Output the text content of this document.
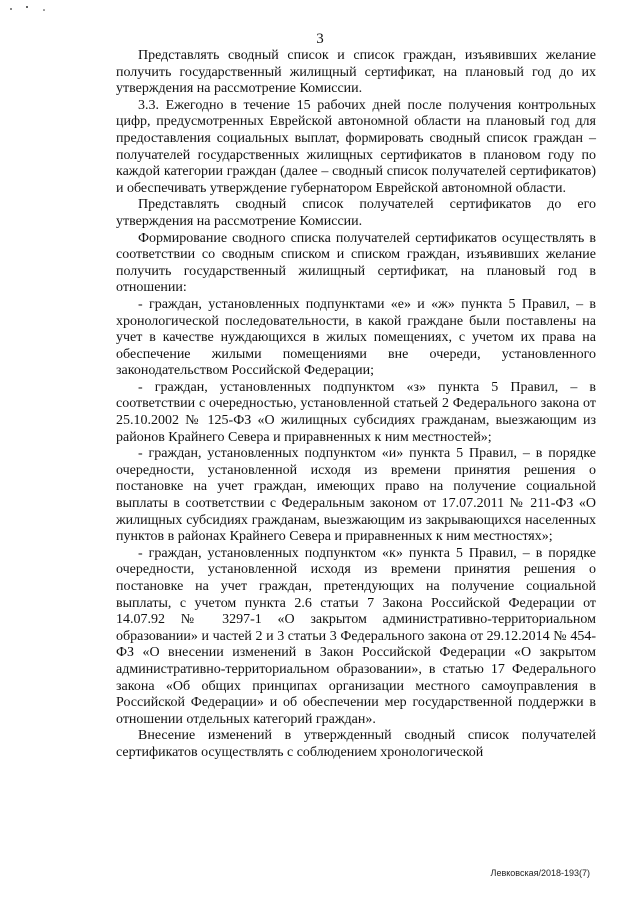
3

Представлять сводный список и список граждан, изъявивших желание получить государственный жилищный сертификат, на плановый год до их утверждения на рассмотрение Комиссии.

3.3. Ежегодно в течение 15 рабочих дней после получения контрольных цифр, предусмотренных Еврейской автономной области на плановый год для предоставления социальных выплат, формировать сводный список граждан – получателей государственных жилищных сертификатов в плановом году по каждой категории граждан (далее – сводный список получателей сертификатов) и обеспечивать утверждение губернатором Еврейской автономной области.

Представлять сводный список получателей сертификатов до его утверждения на рассмотрение Комиссии.

Формирование сводного списка получателей сертификатов осуществлять в соответствии со сводным списком и списком граждан, изъявивших желание получить государственный жилищный сертификат, на плановый год в отношении:

- граждан, установленных подпунктами «е» и «ж» пункта 5 Правил, – в хронологической последовательности, в какой граждане были поставлены на учет в качестве нуждающихся в жилых помещениях, с учетом их права на обеспечение жилыми помещениями вне очереди, установленного законодательством Российской Федерации;

- граждан, установленных подпунктом «з» пункта 5 Правил, – в соответствии с очередностью, установленной статьей 2 Федерального закона от 25.10.2002 № 125-ФЗ «О жилищных субсидиях гражданам, выезжающим из районов Крайнего Севера и приравненных к ним местностей»;

- граждан, установленных подпунктом «и» пункта 5 Правил, – в порядке очередности, установленной исходя из времени принятия решения о постановке на учет граждан, имеющих право на получение социальной выплаты в соответствии с Федеральным законом от 17.07.2011 № 211-ФЗ «О жилищных субсидиях гражданам, выезжающим из закрывающихся населенных пунктов в районах Крайнего Севера и приравненных к ним местностях»;

- граждан, установленных подпунктом «к» пункта 5 Правил, – в порядке очередности, установленной исходя из времени принятия решения о постановке на учет граждан, претендующих на получение социальной выплаты, с учетом пункта 2.6 статьи 7 Закона Российской Федерации от 14.07.92 № 3297-1 «О закрытом административно-территориальном образовании» и частей 2 и 3 статьи 3 Федерального закона от 29.12.2014 № 454-ФЗ «О внесении изменений в Закон Российской Федерации «О закрытом административно-территориальном образовании», в статью 17 Федерального закона «Об общих принципах организации местного самоуправления в Российской Федерации» и об обеспечении мер государственной поддержки в отношении отдельных категорий граждан».

Внесение изменений в утвержденный сводный список получателей сертификатов осуществлять с соблюдением хронологической

Левковская/2018-193(7)
